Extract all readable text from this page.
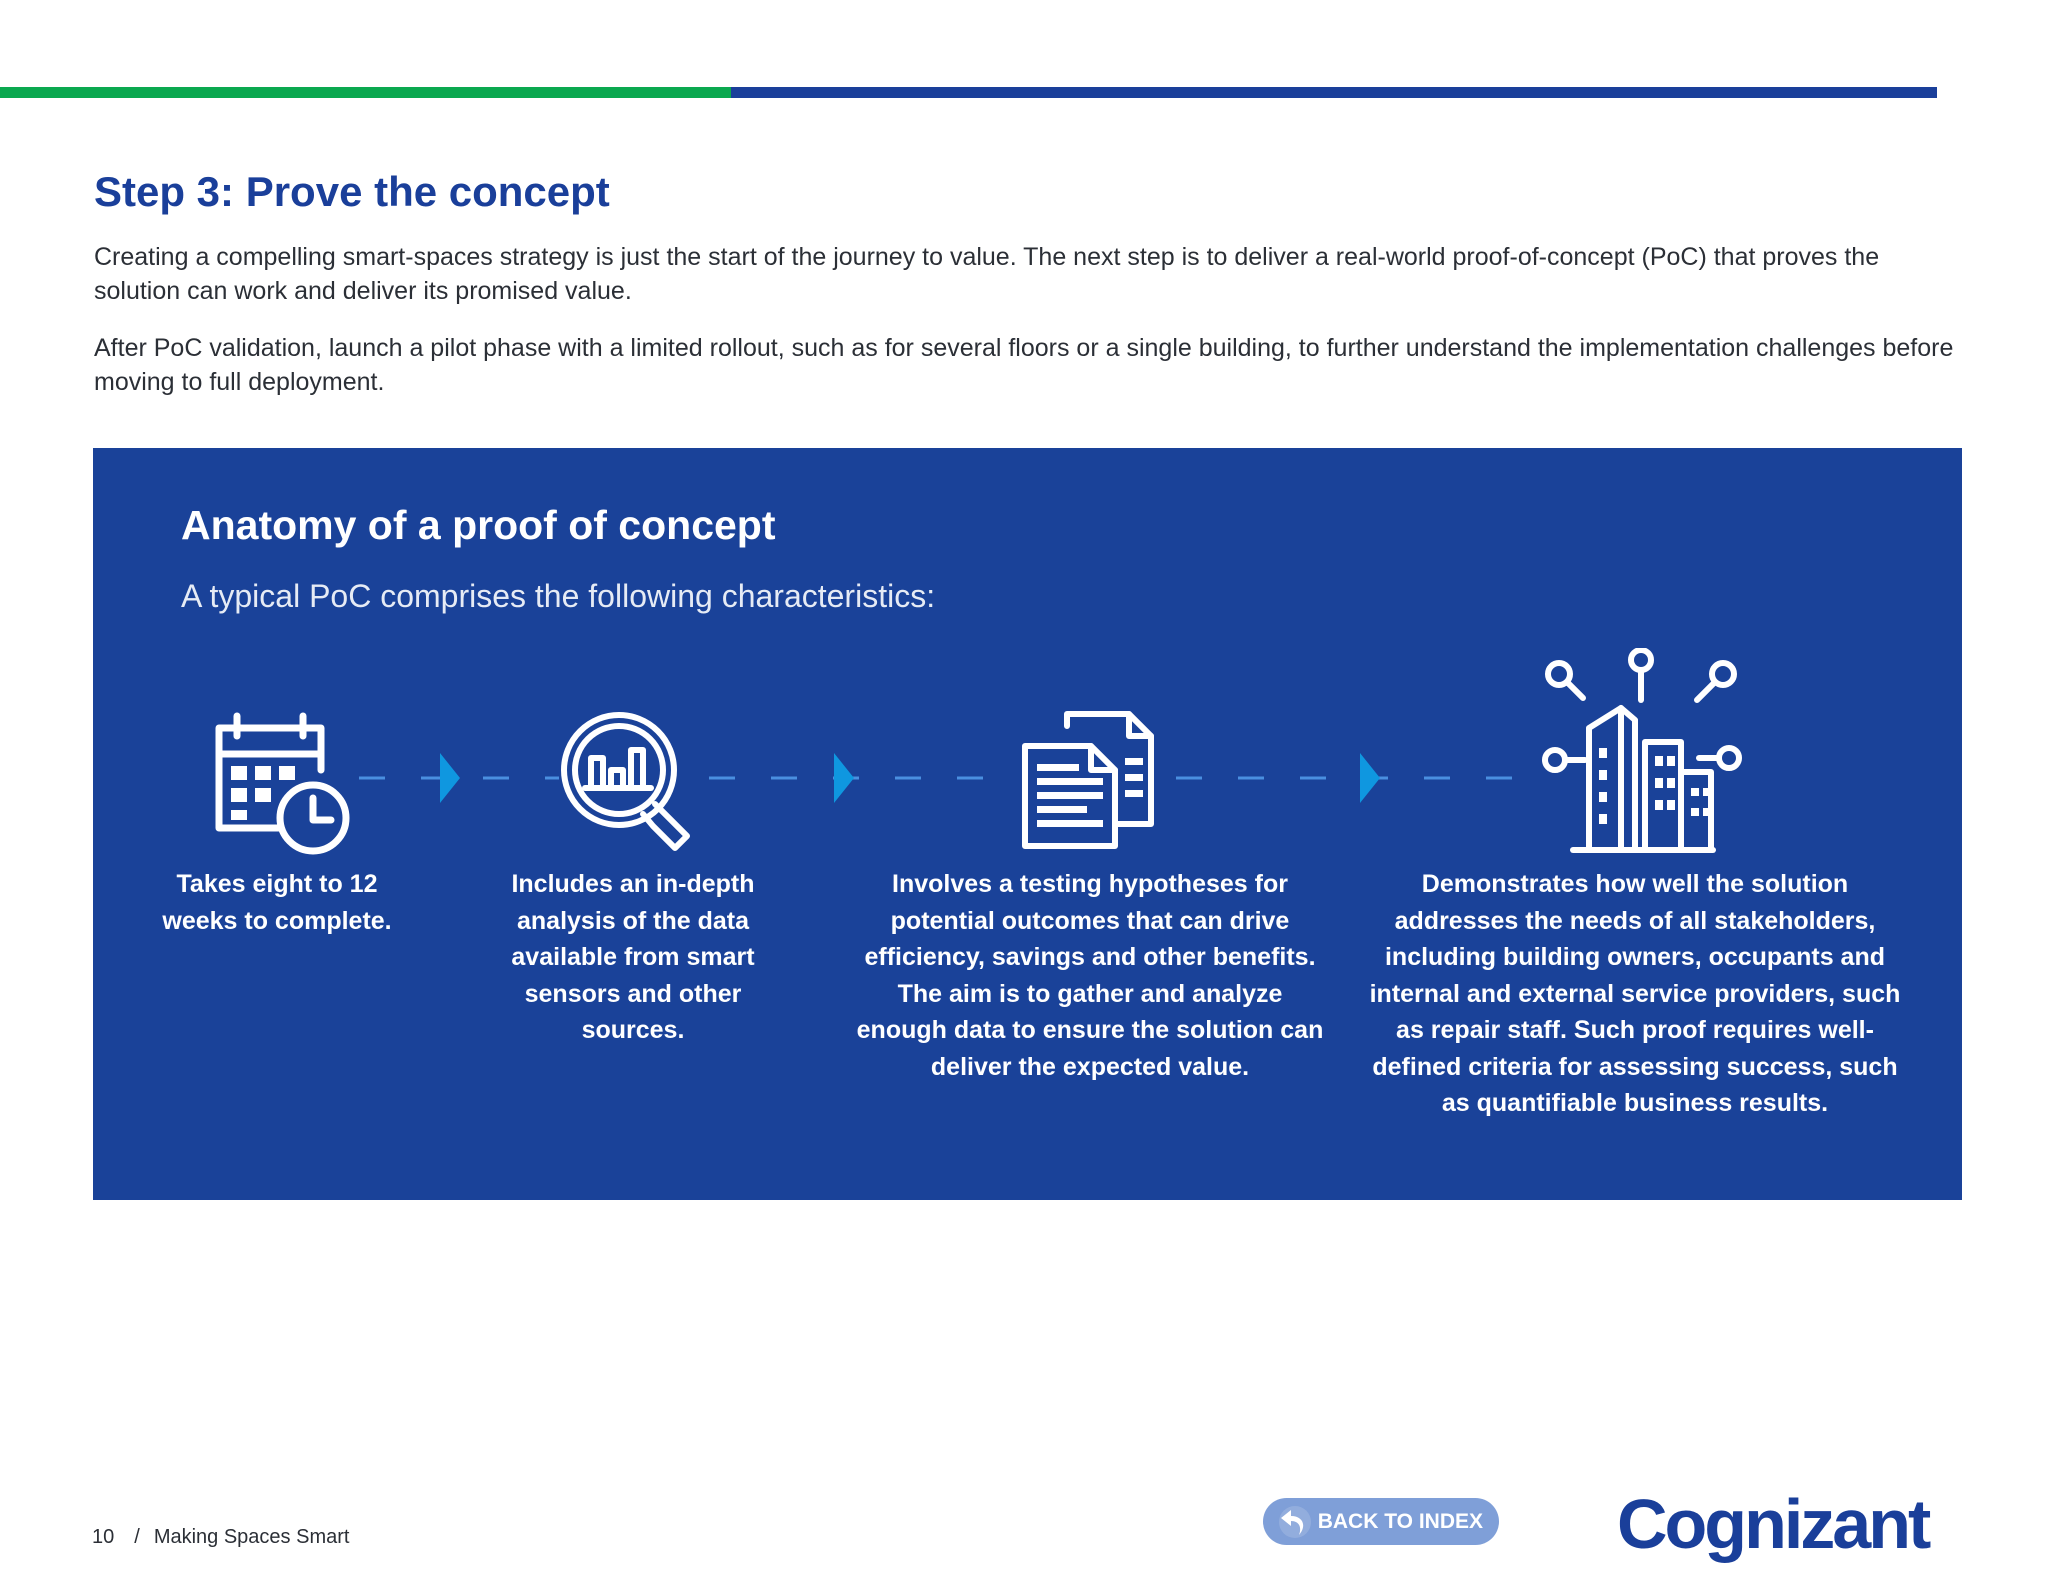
Step 3: Prove the concept

Creating a compelling smart-spaces strategy is just the start of the journey to value. The next step is to deliver a real-world proof-of-concept (PoC) that proves the solution can work and deliver its promised value.

After PoC validation, launch a pilot phase with a limited rollout, such as for several floors or a single building, to further understand the implementation challenges before moving to full deployment.

Anatomy of a proof of concept
A typical PoC comprises the following characteristics:

Takes eight to 12 weeks to complete.

Includes an in-depth analysis of the data available from smart sensors and other sources.

Involves a testing hypotheses for potential outcomes that can drive efficiency, savings and other benefits. The aim is to gather and analyze enough data to ensure the solution can deliver the expected value.

Demonstrates how well the solution addresses the needs of all stakeholders, including building owners, occupants and internal and external service providers, such as repair staff. Such proof requires well-defined criteria for assessing success, such as quantifiable business results.

10 / Making Spaces Smart
BACK TO INDEX Cognizant
